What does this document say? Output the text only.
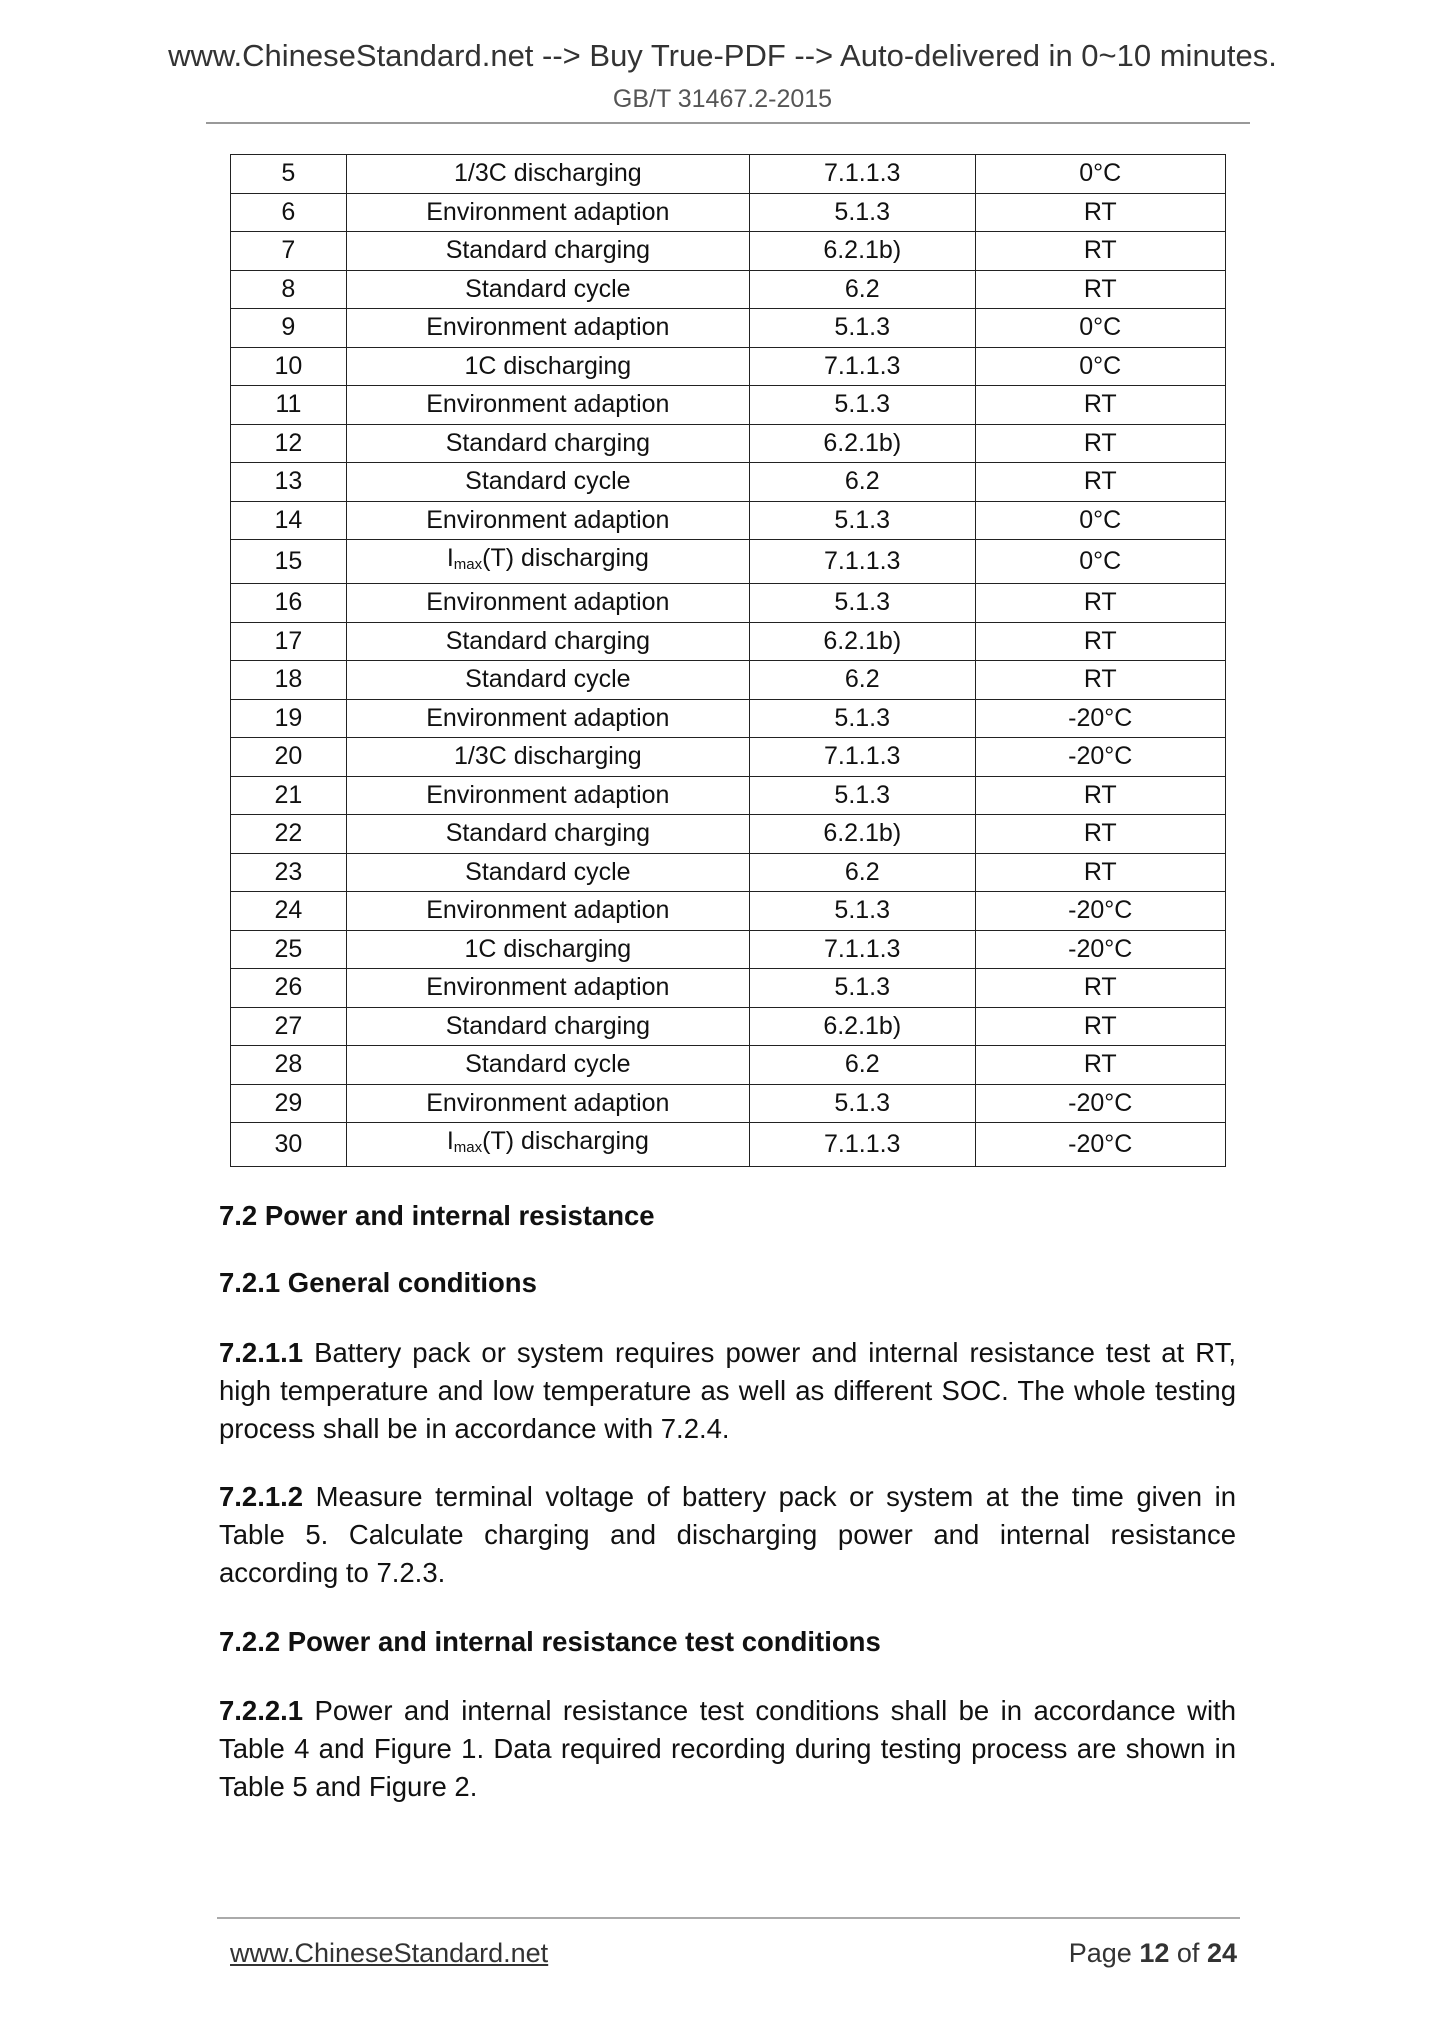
www.ChineseStandard.net --> Buy True-PDF --> Auto-delivered in 0~10 minutes.
GB/T 31467.2-2015
5	1/3C discharging	7.1.1.3	0°C
6	Environment adaption	5.1.3	RT
7	Standard charging	6.2.1b)	RT
8	Standard cycle	6.2	RT
9	Environment adaption	5.1.3	0°C
10	1C discharging	7.1.1.3	0°C
11	Environment adaption	5.1.3	RT
12	Standard charging	6.2.1b)	RT
13	Standard cycle	6.2	RT
14	Environment adaption	5.1.3	0°C
15	$I_{max}(T)$ discharging	7.1.1.3	0°C
16	Environment adaption	5.1.3	RT
17	Standard charging	6.2.1b)	RT
18	Standard cycle	6.2	RT
19	Environment adaption	5.1.3	-20°C
20	1/3C discharging	7.1.1.3	-20°C
21	Environment adaption	5.1.3	RT
22	Standard charging	6.2.1b)	RT
23	Standard cycle	6.2	RT
24	Environment adaption	5.1.3	-20°C
25	1C discharging	7.1.1.3	-20°C
26	Environment adaption	5.1.3	RT
27	Standard charging	6.2.1b)	RT
28	Standard cycle	6.2	RT
29	Environment adaption	5.1.3	-20°C
30	$I_{max}(T)$ discharging	7.1.1.3	-20°C
7.2 Power and internal resistance
7.2.1 General conditions
7.2.1.1 Battery pack or system requires power and internal resistance test at RT, high temperature and low temperature as well as different SOC. The whole testing process shall be in accordance with 7.2.4.
7.2.1.2 Measure terminal voltage of battery pack or system at the time given in Table 5. Calculate charging and discharging power and internal resistance according to 7.2.3.
7.2.2 Power and internal resistance test conditions
7.2.2.1 Power and internal resistance test conditions shall be in accordance with Table 4 and Figure 1. Data required recording during testing process are shown in Table 5 and Figure 2.
www.ChineseStandard.net	Page 12 of 24
